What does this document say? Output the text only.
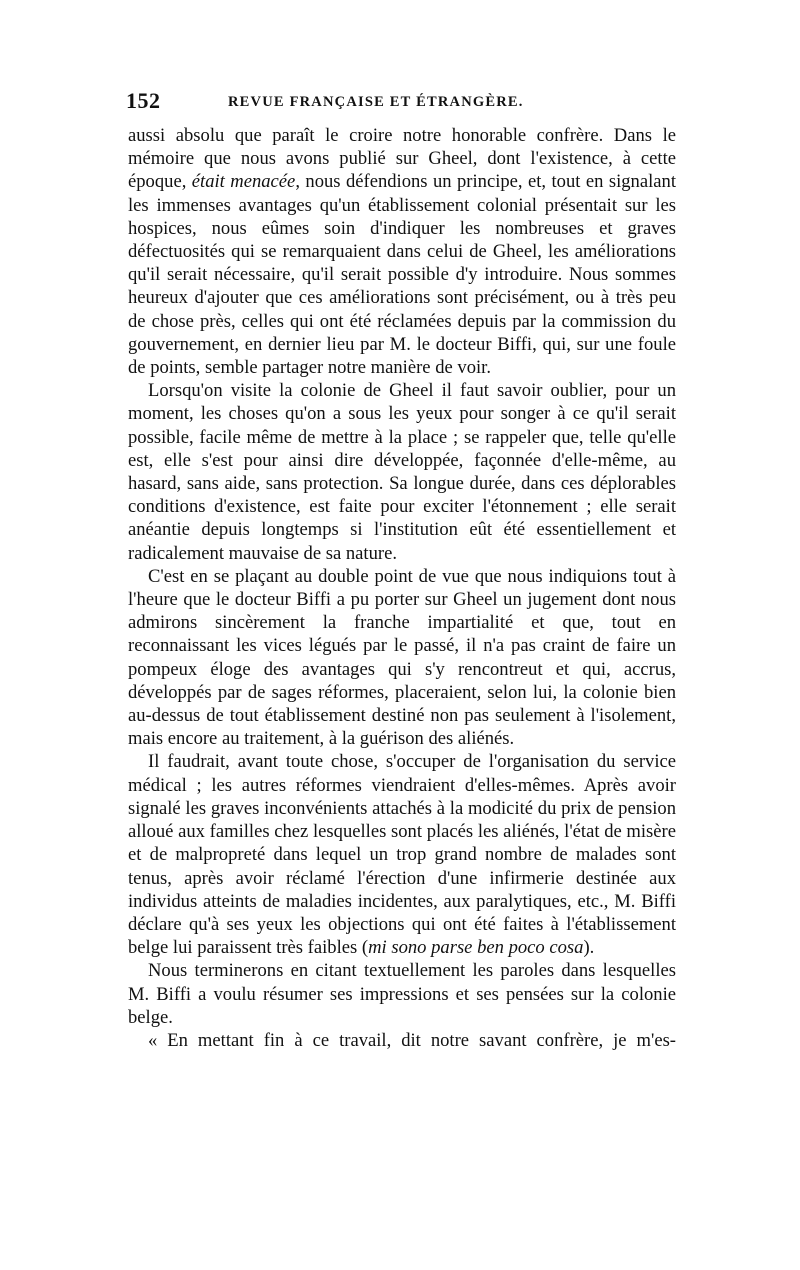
152	REVUE FRANÇAISE ET ÉTRANGÈRE.

aussi absolu que paraît le croire notre honorable confrère. Dans le mémoire que nous avons publié sur Gheel, dont l'existence, à cette époque, était menacée, nous défendions un principe, et, tout en signalant les immenses avantages qu'un établissement colonial présentait sur les hospices, nous eûmes soin d'indiquer les nombreuses et graves défectuosités qui se remarquaient dans celui de Gheel, les améliorations qu'il serait nécessaire, qu'il serait possible d'y introduire. Nous sommes heureux d'ajouter que ces améliorations sont précisément, ou à très peu de chose près, celles qui ont été réclamées depuis par la commission du gouvernement, en dernier lieu par M. le docteur Biffi, qui, sur une foule de points, semble partager notre manière de voir.

Lorsqu'on visite la colonie de Gheel il faut savoir oublier, pour un moment, les choses qu'on a sous les yeux pour songer à ce qu'il serait possible, facile même de mettre à la place ; se rappeler que, telle qu'elle est, elle s'est pour ainsi dire développée, façonnée d'elle-même, au hasard, sans aide, sans protection. Sa longue durée, dans ces déplorables conditions d'existence, est faite pour exciter l'étonnement ; elle serait anéantie depuis longtemps si l'institution eût été essentiellement et radicalement mauvaise de sa nature.

C'est en se plaçant au double point de vue que nous indiquions tout à l'heure que le docteur Biffi a pu porter sur Gheel un jugement dont nous admirons sincèrement la franche impartialité et que, tout en reconnaissant les vices légués par le passé, il n'a pas craint de faire un pompeux éloge des avantages qui s'y rencontreut et qui, accrus, développés par de sages réformes, placeraient, selon lui, la colonie bien au-dessus de tout établissement destiné non pas seulement à l'isolement, mais encore au traitement, à la guérison des aliénés.

Il faudrait, avant toute chose, s'occuper de l'organisation du service médical ; les autres réformes viendraient d'elles-mêmes. Après avoir signalé les graves inconvénients attachés à la modicité du prix de pension alloué aux familles chez lesquelles sont placés les aliénés, l'état de misère et de malpropreté dans lequel un trop grand nombre de malades sont tenus, après avoir réclamé l'érection d'une infirmerie destinée aux individus atteints de maladies incidentes, aux paralytiques, etc., M. Biffi déclare qu'à ses yeux les objections qui ont été faites à l'établissement belge lui paraissent très faibles (mi sono parse ben poco cosa).

Nous terminerons en citant textuellement les paroles dans lesquelles M. Biffi a voulu résumer ses impressions et ses pensées sur la colonie belge.

« En mettant fin à ce travail, dit notre savant confrère, je m'es-
